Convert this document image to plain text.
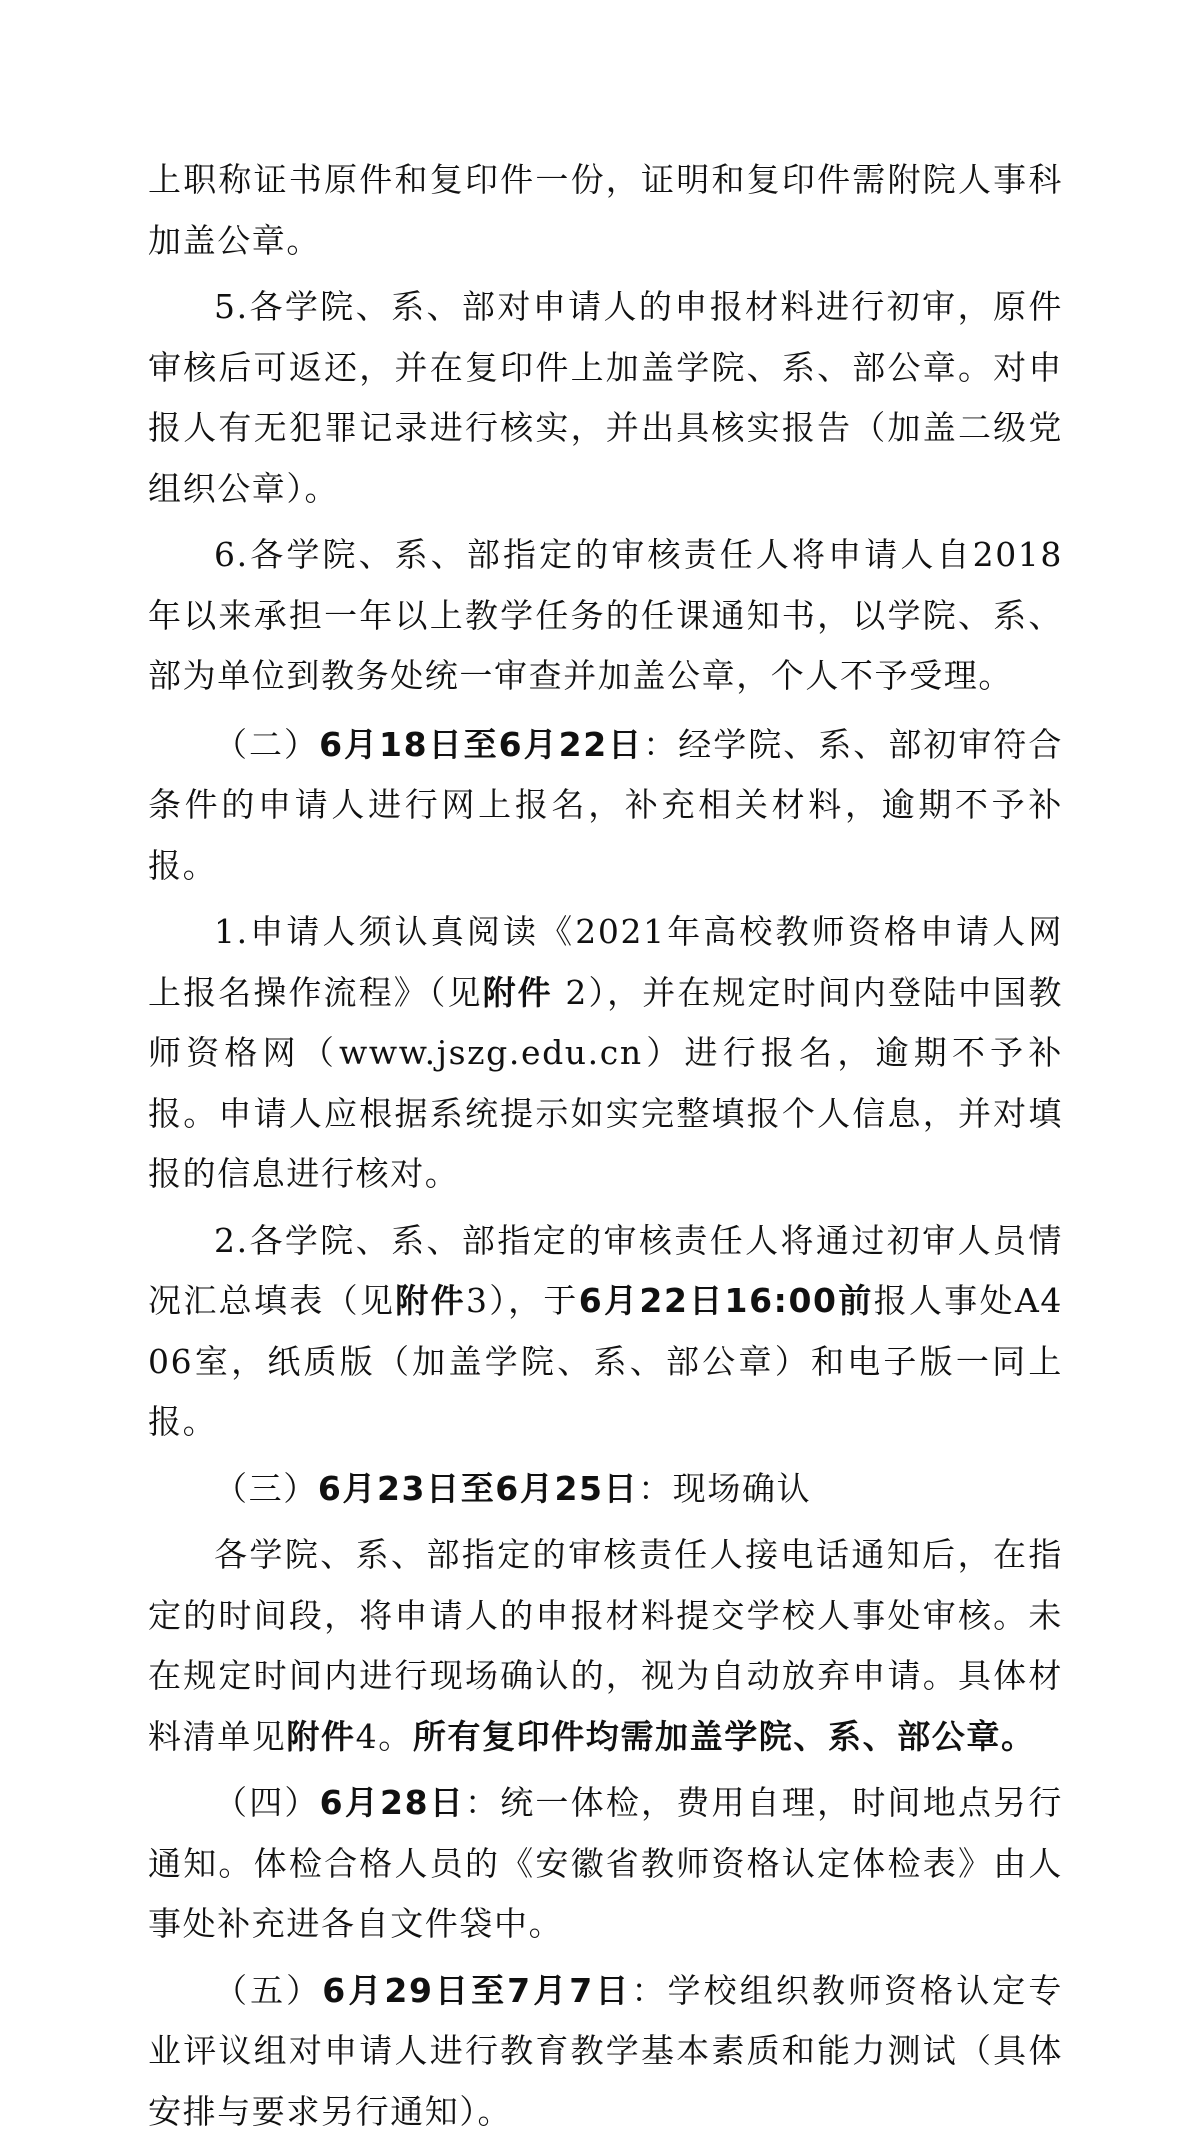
上职称证书原件和复印件一份，证明和复印件需附院人事科加盖公章。

5.各学院、系、部对申请人的申报材料进行初审，原件审核后可返还，并在复印件上加盖学院、系、部公章。对申报人有无犯罪记录进行核实，并出具核实报告（加盖二级党组织公章）。

6.各学院、系、部指定的审核责任人将申请人自2018年以来承担一年以上教学任务的任课通知书，以学院、系、部为单位到教务处统一审查并加盖公章，个人不予受理。

（二）6月18日至6月22日：经学院、系、部初审符合条件的申请人进行网上报名，补充相关材料，逾期不予补报。

1.申请人须认真阅读《2021年高校教师资格申请人网上报名操作流程》（见附件 2），并在规定时间内登陆中国教师资格网（www.jszg.edu.cn）进行报名，逾期不予补报。申请人应根据系统提示如实完整填报个人信息，并对填报的信息进行核对。

2.各学院、系、部指定的审核责任人将通过初审人员情况汇总填表（见附件3），于6月22日16:00前报人事处A406室，纸质版（加盖学院、系、部公章）和电子版一同上报。

（三）6月23日至6月25日：现场确认

各学院、系、部指定的审核责任人接电话通知后，在指定的时间段，将申请人的申报材料提交学校人事处审核。未在规定时间内进行现场确认的，视为自动放弃申请。具体材料清单见附件4。所有复印件均需加盖学院、系、部公章。

（四）6月28日：统一体检，费用自理，时间地点另行通知。体检合格人员的《安徽省教师资格认定体检表》由人事处补充进各自文件袋中。

（五）6月29日至7月7日：学校组织教师资格认定专业评议组对申请人进行教育教学基本素质和能力测试（具体安排与要求另行通知）。
